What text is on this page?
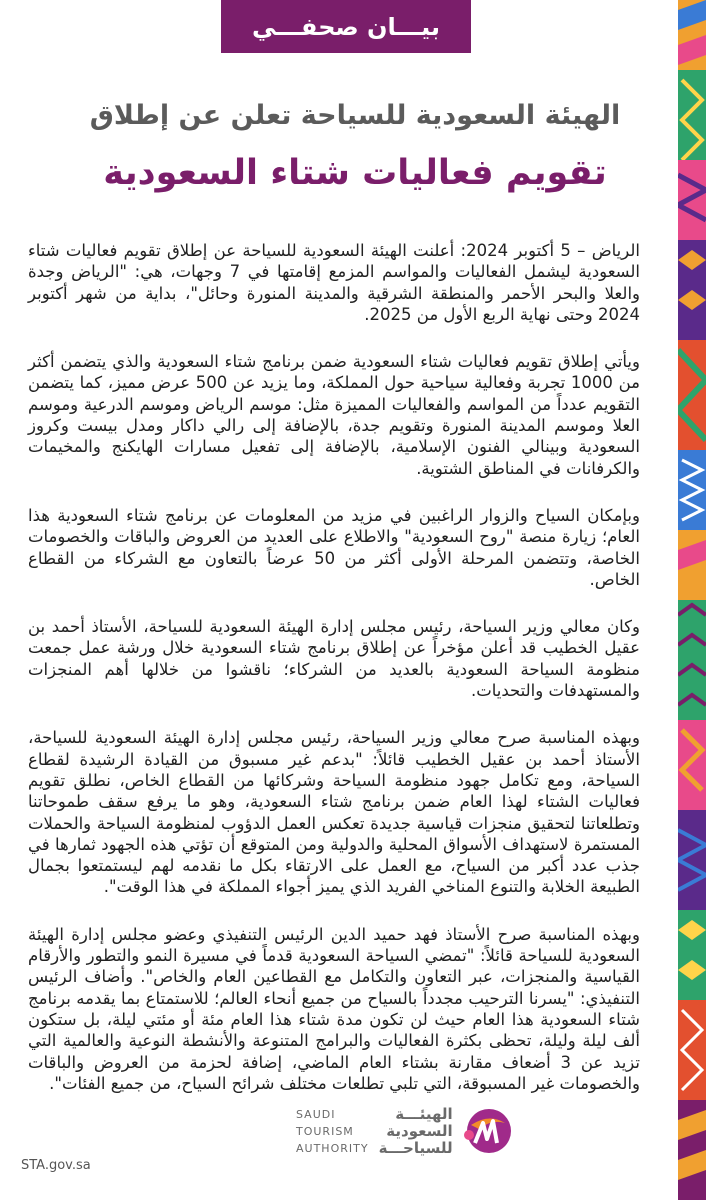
بيـــان صحفـــي
الهيئة السعودية للسياحة تعلن عن إطلاق
تقويم فعاليات شتاء السعودية

الرياض – 5 أكتوبر 2024: أعلنت الهيئة السعودية للسياحة عن إطلاق تقويم فعاليات شتاء السعودية ليشمل الفعاليات والمواسم المزمع إقامتها في 7 وجهات، هي: "الرياض وجدة والعلا والبحر الأحمر والمنطقة الشرقية والمدينة المنورة وحائل"، بداية من شهر أكتوبر 2024 وحتى نهاية الربع الأول من 2025.

ويأتي إطلاق تقويم فعاليات شتاء السعودية ضمن برنامج شتاء السعودية والذي يتضمن أكثر من 1000 تجربة وفعالية سياحية حول المملكة، وما يزيد عن 500 عرض مميز، كما يتضمن التقويم عدداً من المواسم والفعاليات المميزة مثل: موسم الرياض وموسم الدرعية وموسم العلا وموسم المدينة المنورة وتقويم جدة، بالإضافة إلى رالي داكار ومدل بيست وكروز السعودية وبينالي الفنون الإسلامية، بالإضافة إلى تفعيل مسارات الهايكنج والمخيمات والكرفانات في المناطق الشتوية.

وبإمكان السياح والزوار الراغبين في مزيد من المعلومات عن برنامج شتاء السعودية هذا العام؛ زيارة منصة "روح السعودية" والاطلاع على العديد من العروض والباقات والخصومات الخاصة، وتتضمن المرحلة الأولى أكثر من 50 عرضاً بالتعاون مع الشركاء من القطاع الخاص.

وكان معالي وزير السياحة، رئيس مجلس إدارة الهيئة السعودية للسياحة، الأستاذ أحمد بن عقيل الخطيب قد أعلن مؤخراً عن إطلاق برنامج شتاء السعودية خلال ورشة عمل جمعت منظومة السياحة السعودية بالعديد من الشركاء؛ ناقشوا من خلالها أهم المنجزات والمستهدفات والتحديات.

وبهذه المناسبة صرح معالي وزير السياحة، رئيس مجلس إدارة الهيئة السعودية للسياحة، الأستاذ أحمد بن عقيل الخطيب قائلاً: "بدعم غير مسبوق من القيادة الرشيدة لقطاع السياحة، ومع تكامل جهود منظومة السياحة وشركائها من القطاع الخاص، نطلق تقويم فعاليات الشتاء لهذا العام ضمن برنامج شتاء السعودية، وهو ما يرفع سقف طموحاتنا وتطلعاتنا لتحقيق منجزات قياسية جديدة تعكس العمل الدؤوب لمنظومة السياحة والحملات المستمرة لاستهداف الأسواق المحلية والدولية ومن المتوقع أن تؤتي هذه الجهود ثمارها في جذب عدد أكبر من السياح، مع العمل على الارتقاء بكل ما نقدمه لهم ليستمتعوا بجمال الطبيعة الخلابة والتنوع المناخي الفريد الذي يميز أجواء المملكة في هذا الوقت".

وبهذه المناسبة صرح الأستاذ فهد حميد الدين الرئيس التنفيذي وعضو مجلس إدارة الهيئة السعودية للسياحة قائلاً: "تمضي السياحة السعودية قدماً في مسيرة النمو والتطور والأرقام القياسية والمنجزات، عبر التعاون والتكامل مع القطاعين العام والخاص". وأضاف الرئيس التنفيذي: "يسرنا الترحيب مجدداً بالسياح من جميع أنحاء العالم؛ للاستمتاع بما يقدمه برنامج شتاء السعودية هذا العام حيث لن تكون مدة شتاء هذا العام مئة أو مئتي ليلة، بل ستكون ألف ليلة وليلة، تحظى بكثرة الفعاليات والبرامج المتنوعة والأنشطة النوعية والعالمية التي تزيد عن 3 أضعاف مقارنة بشتاء العام الماضي، إضافة لحزمة من العروض والباقات والخصومات غير المسبوقة، التي تلبي تطلعات مختلف شرائح السياح، من جميع الفئات".

SAUDI
TOURISM
AUTHORITY
الهيئـــة
السعودية
للسياحـــة
STA.gov.sa
